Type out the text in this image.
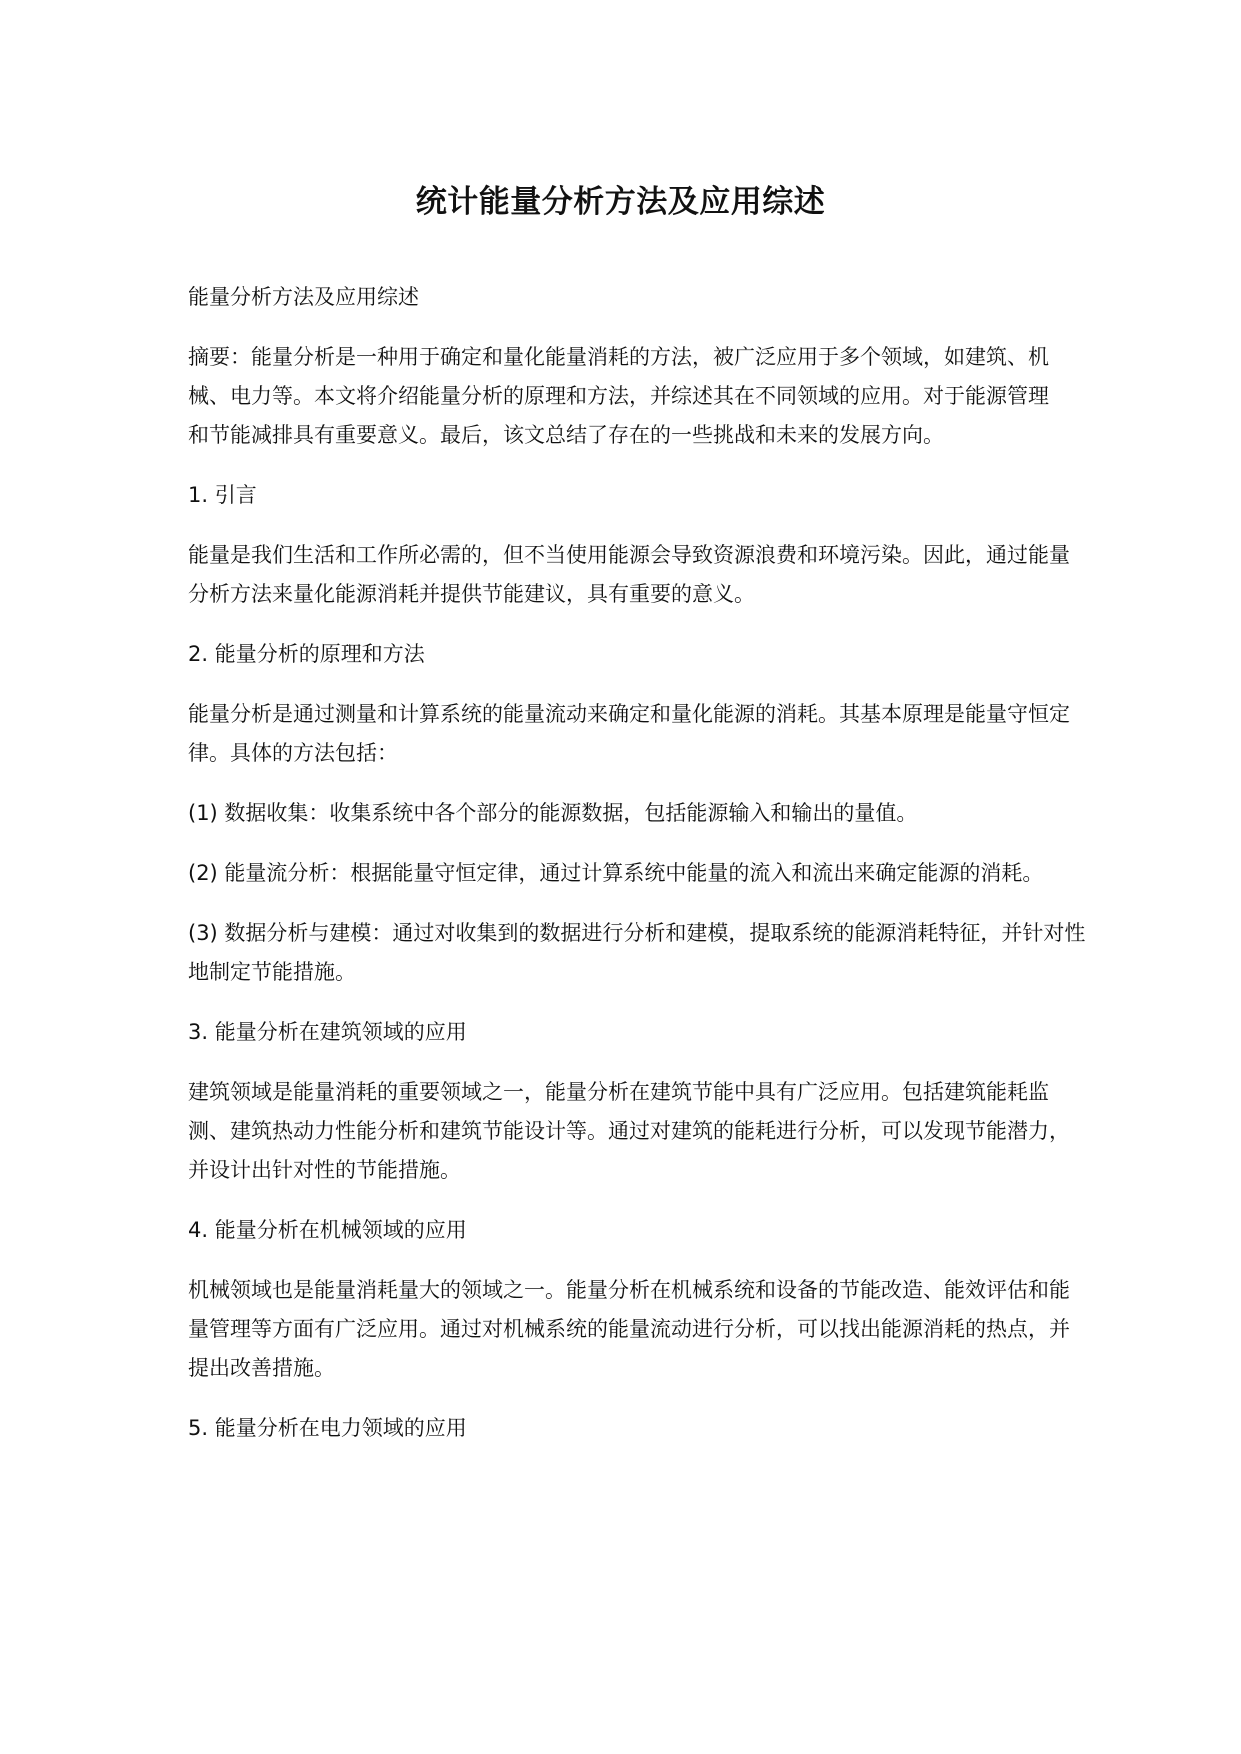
统计能量分析方法及应用综述

能量分析方法及应用综述

摘要：能量分析是一种用于确定和量化能量消耗的方法，被广泛应用于多个领域，如建筑、机械、电力等。本文将介绍能量分析的原理和方法，并综述其在不同领域的应用。对于能源管理和节能减排具有重要意义。最后，该文总结了存在的一些挑战和未来的发展方向。

1. 引言

能量是我们生活和工作所必需的，但不当使用能源会导致资源浪费和环境污染。因此，通过能量分析方法来量化能源消耗并提供节能建议，具有重要的意义。

2. 能量分析的原理和方法

能量分析是通过测量和计算系统的能量流动来确定和量化能源的消耗。其基本原理是能量守恒定律。具体的方法包括：

(1) 数据收集：收集系统中各个部分的能源数据，包括能源输入和输出的量值。

(2) 能量流分析：根据能量守恒定律，通过计算系统中能量的流入和流出来确定能源的消耗。

(3) 数据分析与建模：通过对收集到的数据进行分析和建模，提取系统的能源消耗特征，并针对性地制定节能措施。

3. 能量分析在建筑领域的应用

建筑领域是能量消耗的重要领域之一，能量分析在建筑节能中具有广泛应用。包括建筑能耗监测、建筑热动力性能分析和建筑节能设计等。通过对建筑的能耗进行分析，可以发现节能潜力，并设计出针对性的节能措施。

4. 能量分析在机械领域的应用

机械领域也是能量消耗量大的领域之一。能量分析在机械系统和设备的节能改造、能效评估和能量管理等方面有广泛应用。通过对机械系统的能量流动进行分析，可以找出能源消耗的热点，并提出改善措施。

5. 能量分析在电力领域的应用
